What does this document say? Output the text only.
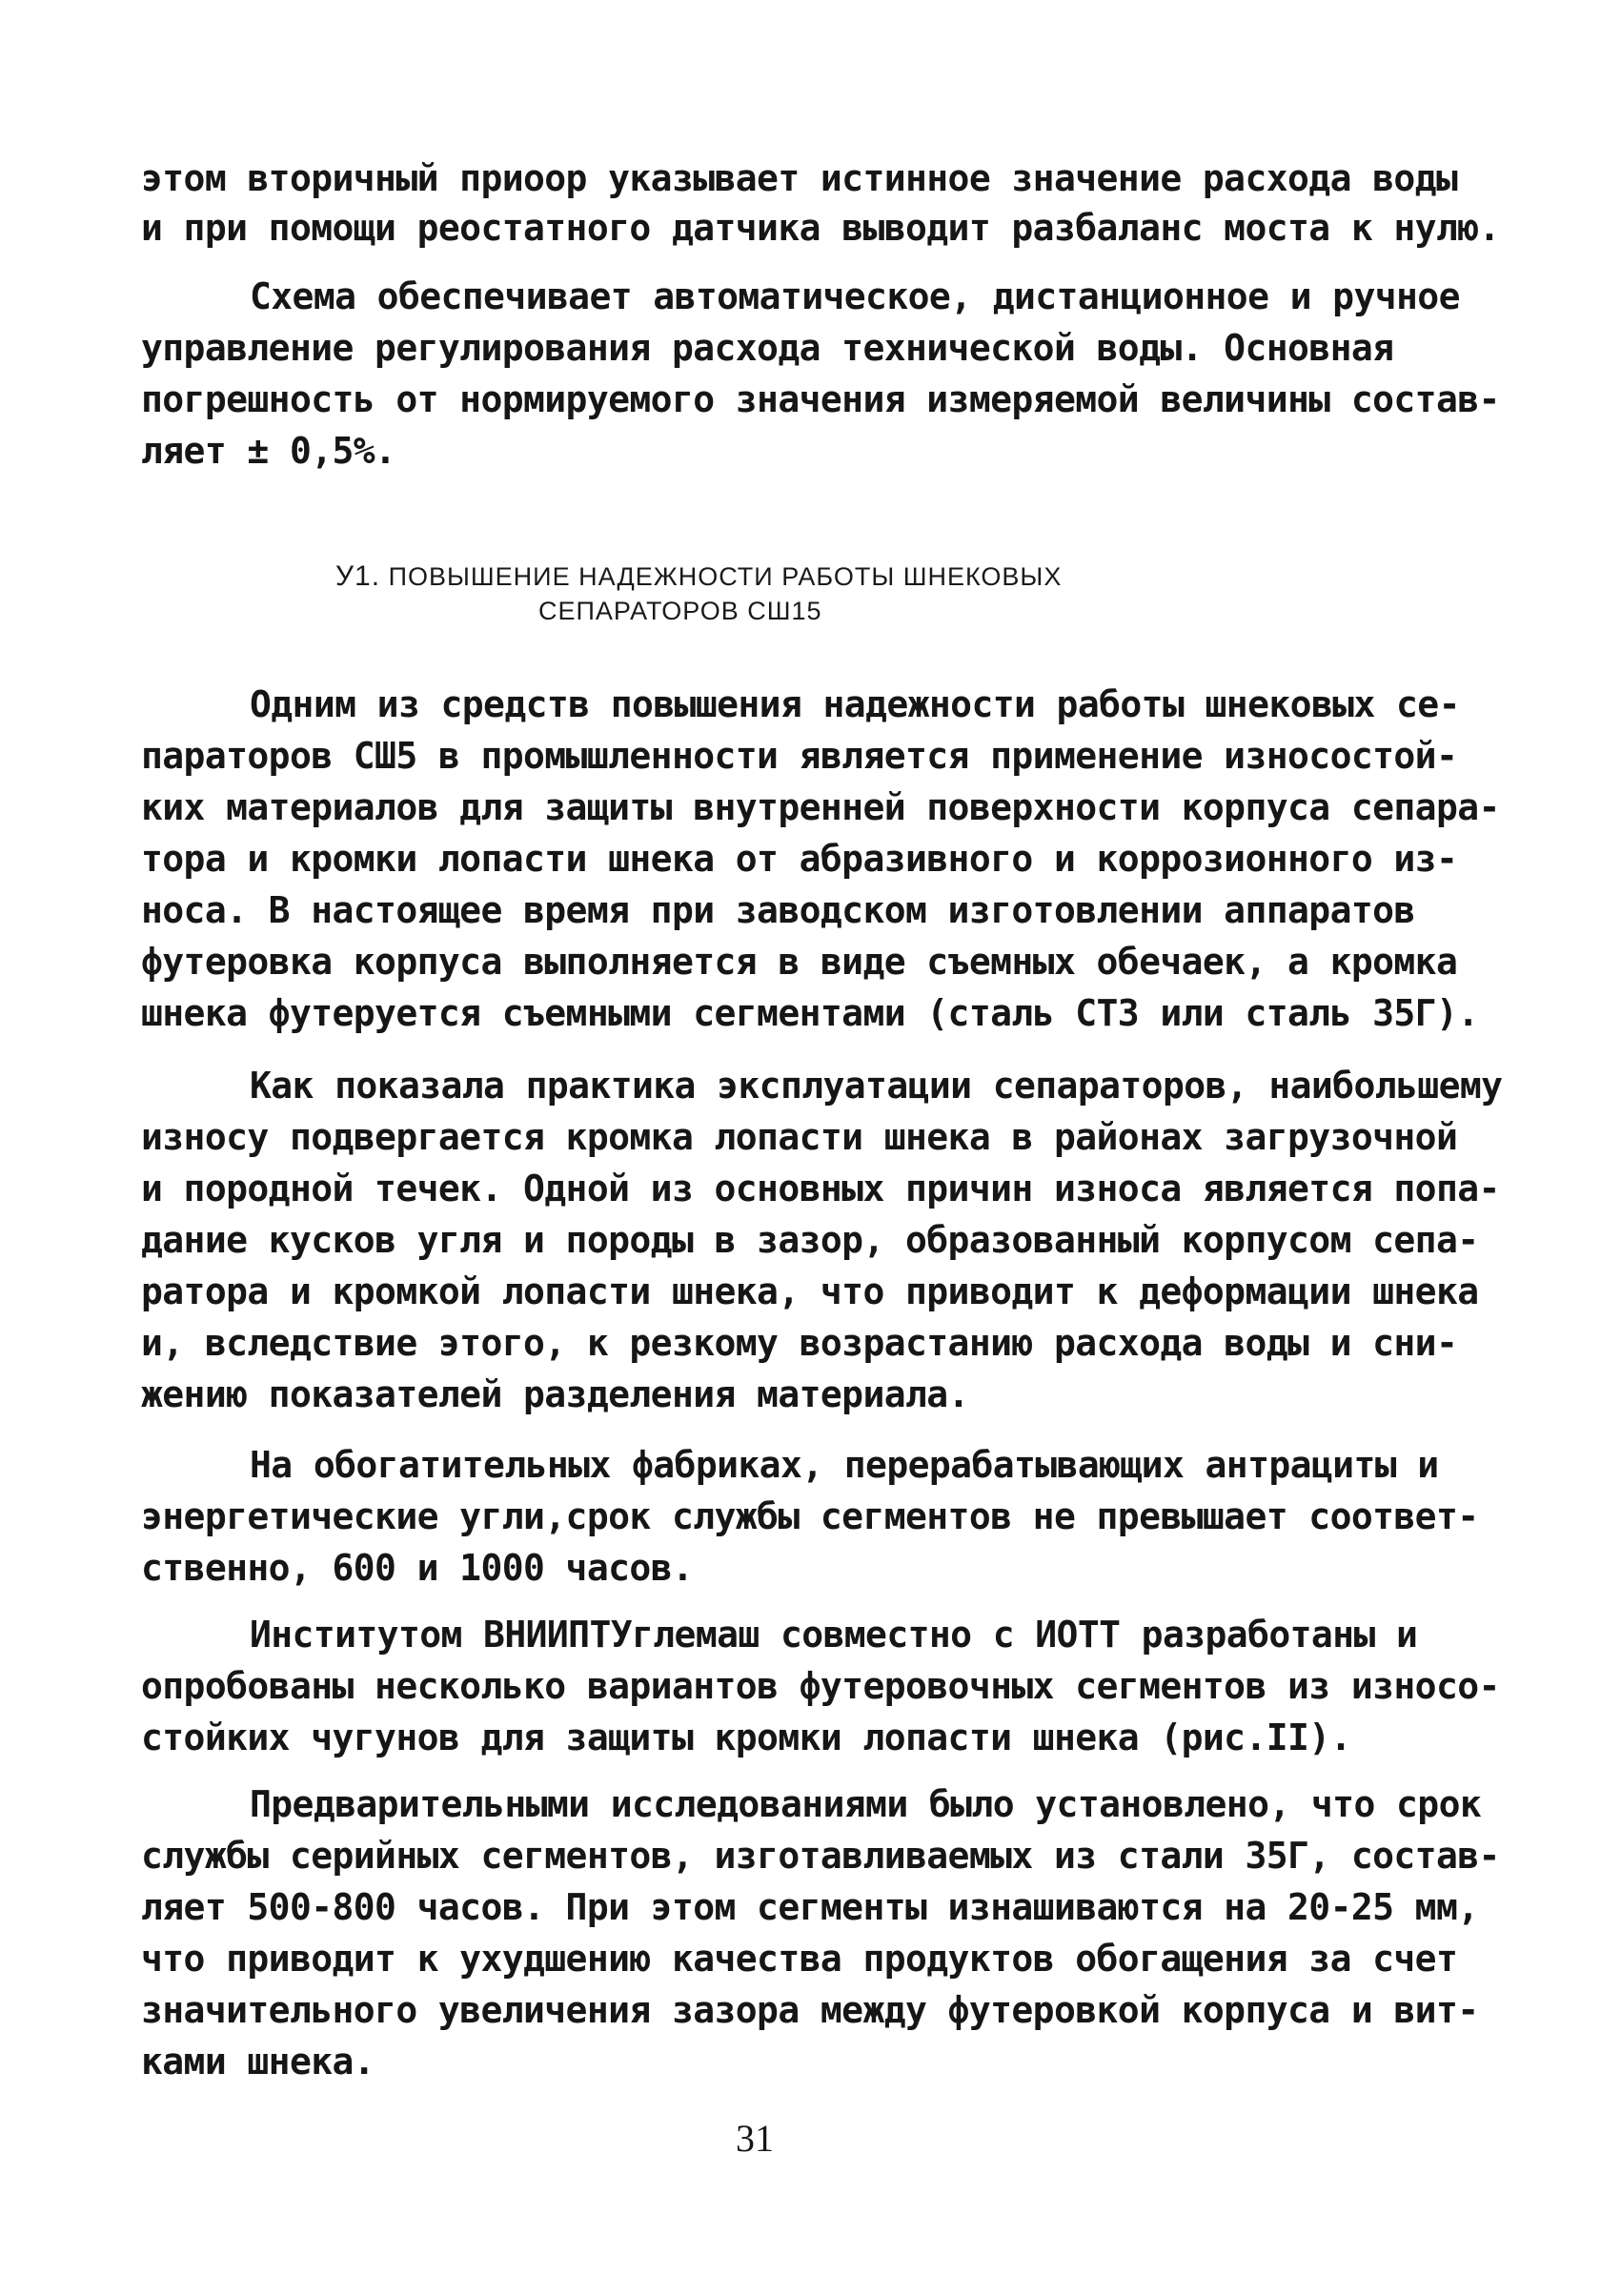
этом вторичный приоор указывает истинное значение расхода воды
и при помощи реостатного датчика выводит разбаланс моста к нулю.
Схема обеспечивает автоматическое, дистанционное и ручное
управление регулирования расхода технической воды. Основная
погрешность от нормируемого значения измеряемой величины состав-
ляет ± 0,5%.
У1. ПОВЫШЕНИЕ НАДЕЖНОСТИ РАБОТЫ ШНЕКОВЫХ
СЕПАРАТОРОВ СШ15
Одним из средств повышения надежности работы шнековых се-
параторов СШ5 в промышленности является применение износостой-
ких материалов для защиты внутренней поверхности корпуса сепара-
тора и кромки лопасти шнека от абразивного и коррозионного из-
носа. В настоящее время при заводском изготовлении аппаратов
футеровка корпуса выполняется в виде съемных обечаек, а кромка
шнека футеруется съемными сегментами (сталь СТ3 или сталь 35Г).
Как показала практика эксплуатации сепараторов, наибольшему
износу подвергается кромка лопасти шнека в районах загрузочной
и породной течек. Одной из основных причин износа является попа-
дание кусков угля и породы в зазор, образованный корпусом сепа-
ратора и кромкой лопасти шнека, что приводит к деформации шнека
и, вследствие этого, к резкому возрастанию расхода воды и сни-
жению показателей разделения материала.
На обогатительных фабриках, перерабатывающих антрациты и
энергетические угли,срок службы сегментов не превышает соответ-
ственно, 600 и 1000 часов.
Институтом ВНИИПТУглемаш совместно с ИОТТ разработаны и
опробованы несколько вариантов футеровочных сегментов из износо-
стойких чугунов для защиты кромки лопасти шнека (рис.II).
Предварительными исследованиями было установлено, что срок
службы серийных сегментов, изготавливаемых из стали 35Г, состав-
ляет 500-800 часов. При этом сегменты изнашиваются на 20-25 мм,
что приводит к ухудшению качества продуктов обогащения за счет
значительного увеличения зазора между футеровкой корпуса и вит-
ками шнека.
31
